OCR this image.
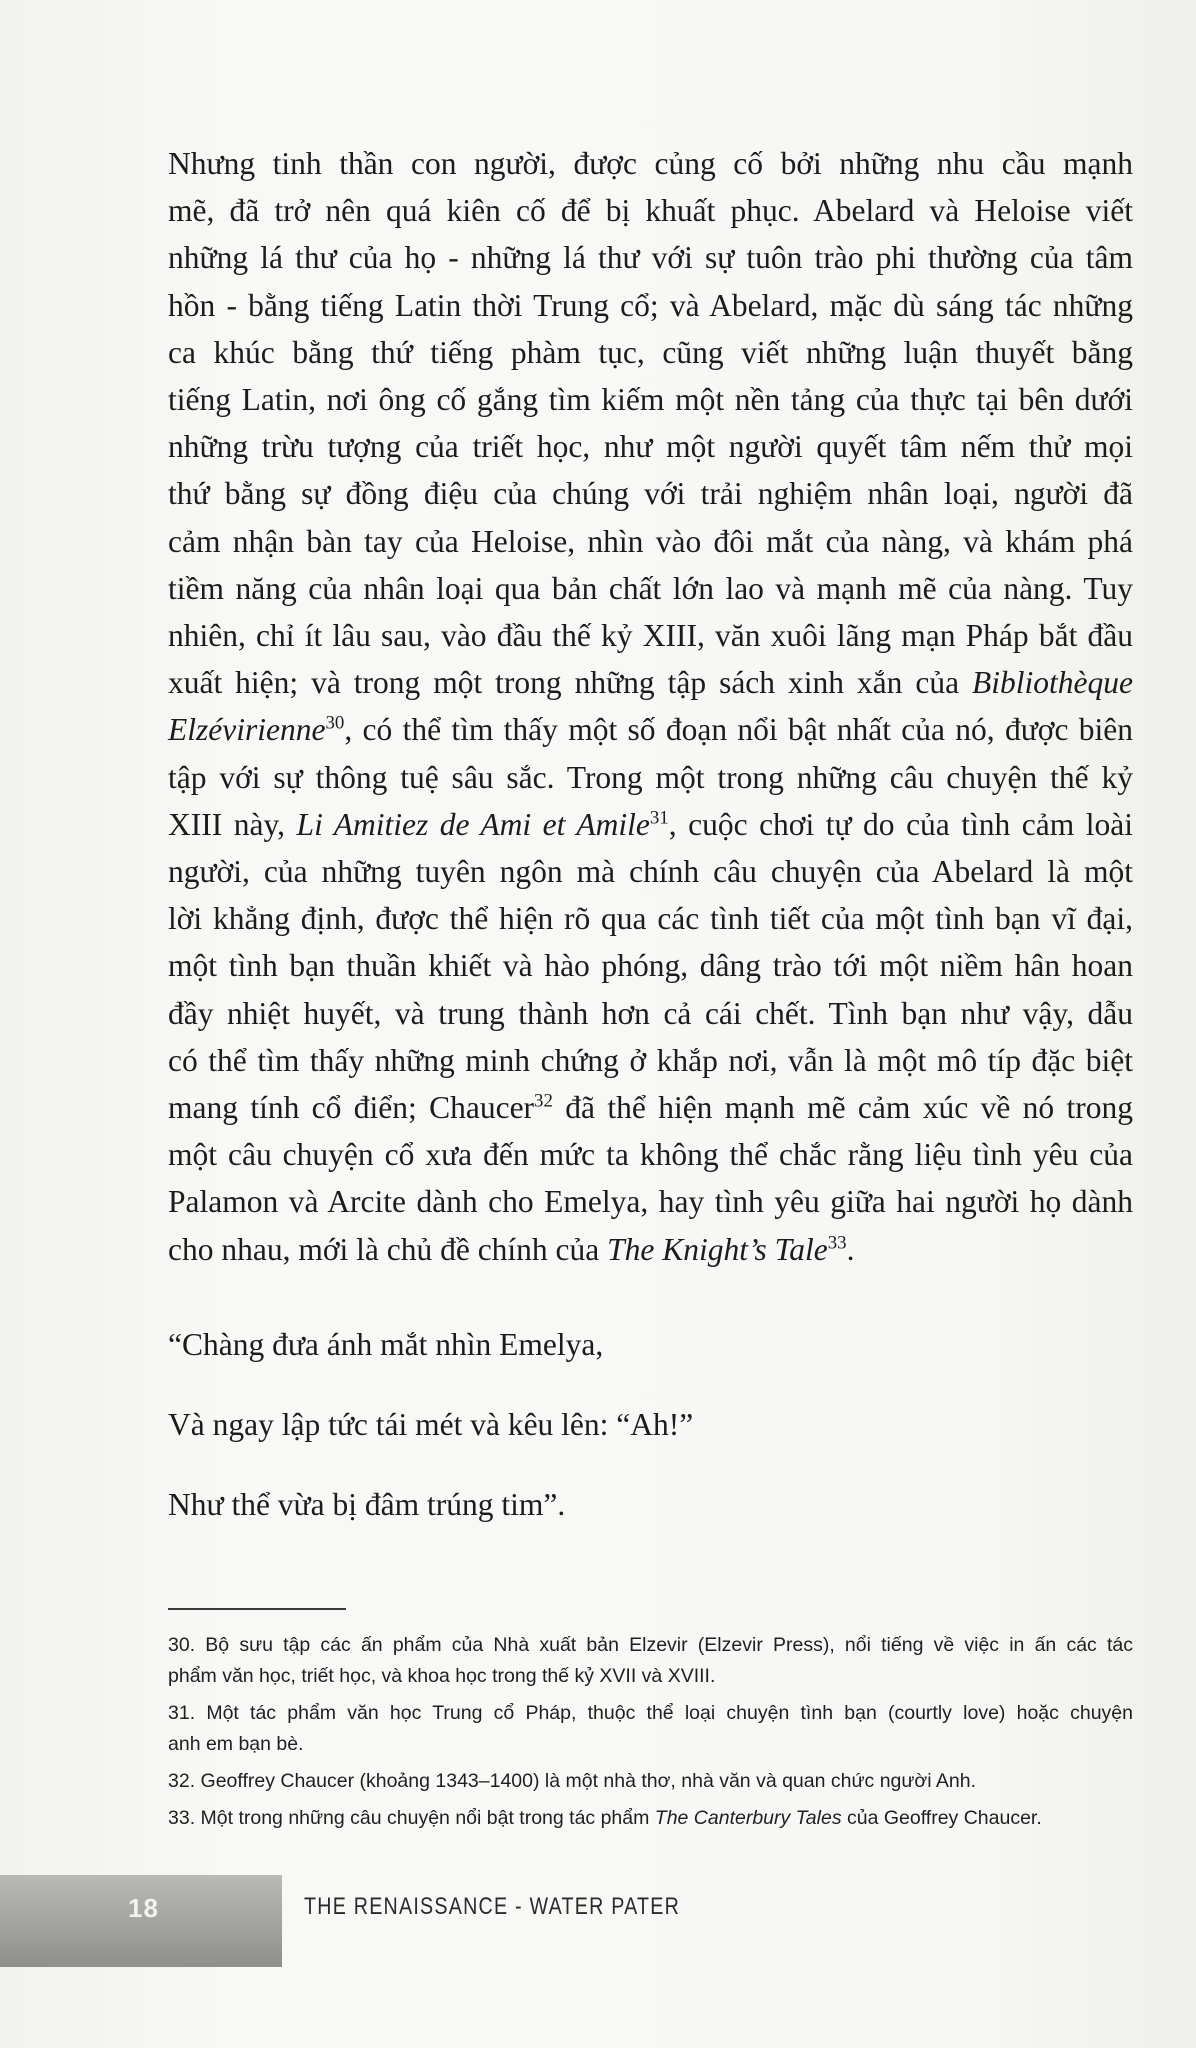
Nhưng tinh thần con người, được củng cố bởi những nhu cầu mạnh
mẽ, đã trở nên quá kiên cố để bị khuất phục. Abelard và Heloise viết
những lá thư của họ - những lá thư với sự tuôn trào phi thường của tâm
hồn - bằng tiếng Latin thời Trung cổ; và Abelard, mặc dù sáng tác những
ca khúc bằng thứ tiếng phàm tục, cũng viết những luận thuyết bằng
tiếng Latin, nơi ông cố gắng tìm kiếm một nền tảng của thực tại bên dưới
những trừu tượng của triết học, như một người quyết tâm nếm thử mọi
thứ bằng sự đồng điệu của chúng với trải nghiệm nhân loại, người đã
cảm nhận bàn tay của Heloise, nhìn vào đôi mắt của nàng, và khám phá
tiềm năng của nhân loại qua bản chất lớn lao và mạnh mẽ của nàng. Tuy
nhiên, chỉ ít lâu sau, vào đầu thế kỷ XIII, văn xuôi lãng mạn Pháp bắt đầu
xuất hiện; và trong một trong những tập sách xinh xắn của Bibliothèque
Elzévirienne$^{30}$, có thể tìm thấy một số đoạn nổi bật nhất của nó, được biên
tập với sự thông tuệ sâu sắc. Trong một trong những câu chuyện thế kỷ
XIII này, Li Amitiez de Ami et Amile$^{31}$, cuộc chơi tự do của tình cảm loài
người, của những tuyên ngôn mà chính câu chuyện của Abelard là một
lời khẳng định, được thể hiện rõ qua các tình tiết của một tình bạn vĩ đại,
một tình bạn thuần khiết và hào phóng, dâng trào tới một niềm hân hoan
đầy nhiệt huyết, và trung thành hơn cả cái chết. Tình bạn như vậy, dẫu
có thể tìm thấy những minh chứng ở khắp nơi, vẫn là một mô típ đặc biệt
mang tính cổ điển; Chaucer$^{32}$ đã thể hiện mạnh mẽ cảm xúc về nó trong
một câu chuyện cổ xưa đến mức ta không thể chắc rằng liệu tình yêu của
Palamon và Arcite dành cho Emelya, hay tình yêu giữa hai người họ dành
cho nhau, mới là chủ đề chính của The Knight’s Tale$^{33}$.
“Chàng đưa ánh mắt nhìn Emelya,
Và ngay lập tức tái mét và kêu lên: “Ah!”
Như thể vừa bị đâm trúng tim”.
30. Bộ sưu tập các ấn phẩm của Nhà xuất bản Elzevir (Elzevir Press), nổi tiếng về việc in ấn các tác
phẩm văn học, triết học, và khoa học trong thế kỷ XVII và XVIII.
31. Một tác phẩm văn học Trung cổ Pháp, thuộc thể loại chuyện tình bạn (courtly love) hoặc chuyện
anh em bạn bè.
32. Geoffrey Chaucer (khoảng 1343–1400) là một nhà thơ, nhà văn và quan chức người Anh.
33. Một trong những câu chuyện nổi bật trong tác phẩm The Canterbury Tales của Geoffrey Chaucer.
18	THE RENAISSANCE - WATER PATER
